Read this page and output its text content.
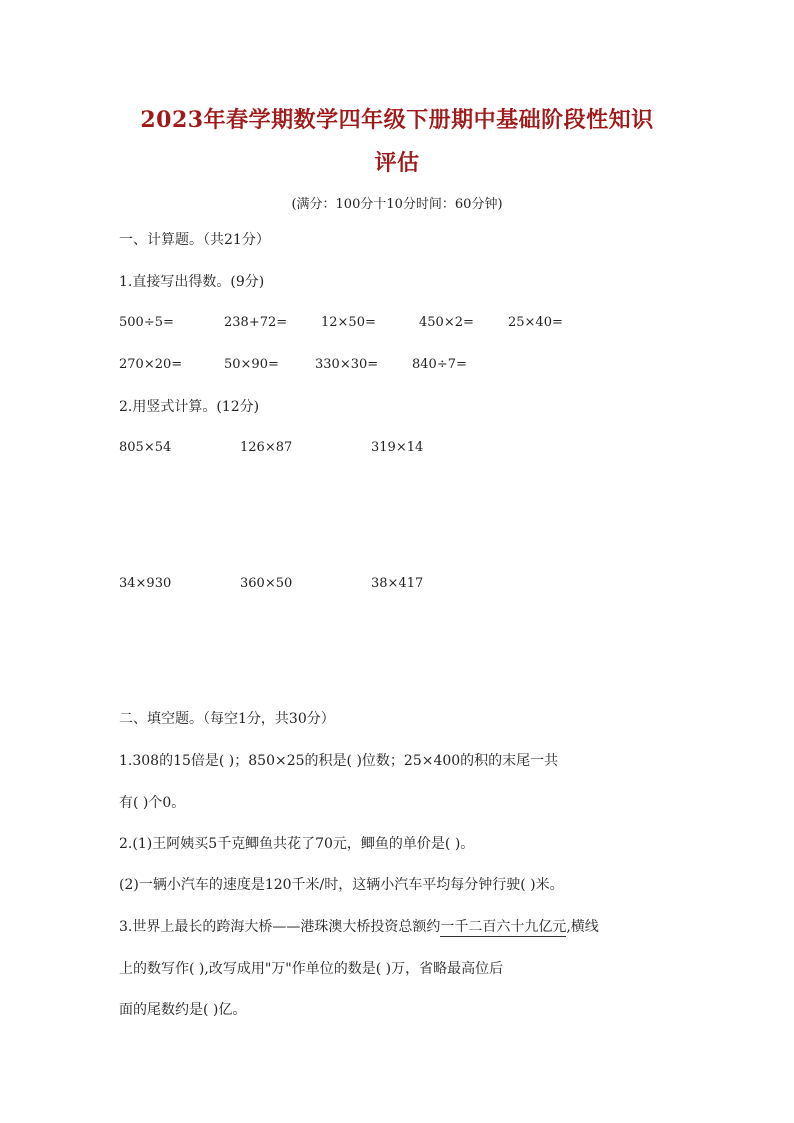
2023年春学期数学四年级下册期中基础阶段性知识
评估
(满分：100分十10分时间：60分钟)
一、计算题。（共21分）
1.直接写出得数。(9分)
500÷5=	238+72=	12×50=	450×2=	25×40=
270×20=	50×90=	330×30=	840÷7=
2.用竖式计算。(12分)
805×54	126×87	319×14
34×930	360×50	38×417
二、填空题。（每空1分，共30分）
1.308的15倍是( )；850×25的积是( )位数；25×400的积的末尾一共
有( )个0。
2.(1)王阿姨买5千克鲫鱼共花了70元，鲫鱼的单价是( )。
(2)一辆小汽车的速度是120千米/时，这辆小汽车平均每分钟行驶( )米。
3.世界上最长的跨海大桥——港珠澳大桥投资总额约一千二百六十九亿元,横线
上的数写作( ),改写成用"万"作单位的数是( )万，省略最高位后
面的尾数约是( )亿。
